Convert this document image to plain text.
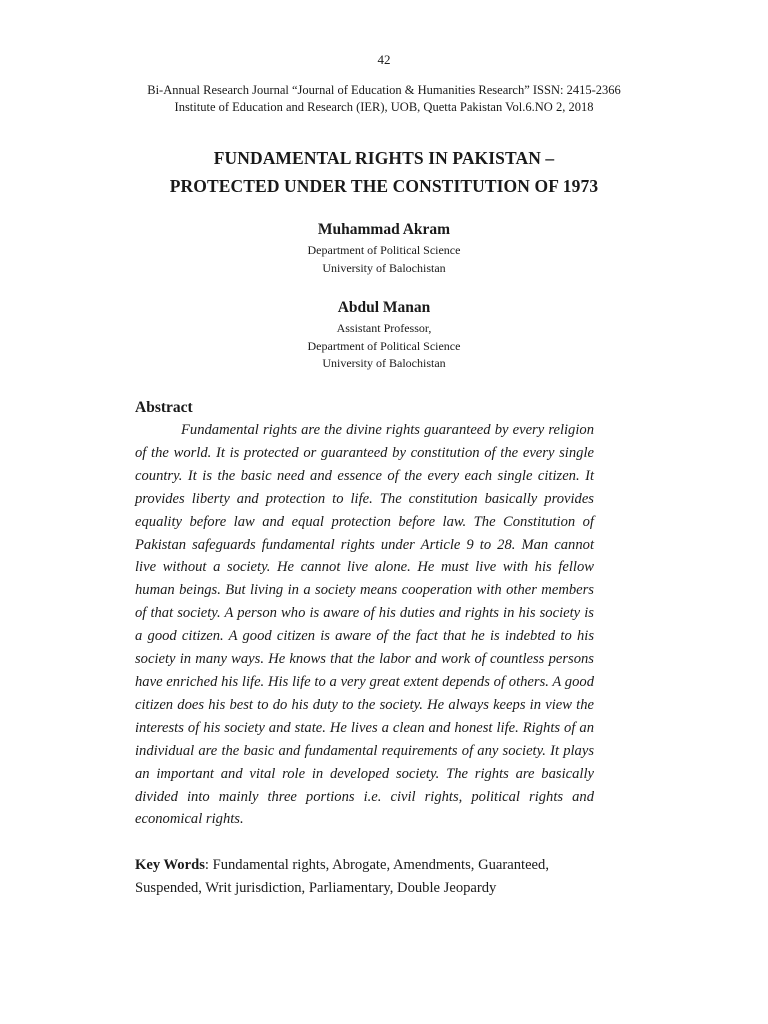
42
Bi-Annual Research Journal “Journal of Education & Humanities Research” ISSN: 2415-2366
Institute of Education and Research (IER), UOB, Quetta Pakistan Vol.6.NO 2, 2018
FUNDAMENTAL RIGHTS IN PAKISTAN –
PROTECTED UNDER THE CONSTITUTION OF 1973
Muhammad Akram
Department of Political Science
University of Balochistan
Abdul Manan
Assistant Professor,
Department of Political Science
University of Balochistan

Abstract

Fundamental rights are the divine rights guaranteed by every religion of the world. It is protected or guaranteed by constitution of the every single country. It is the basic need and essence of the every each single citizen. It provides liberty and protection to life. The constitution basically provides equality before law and equal protection before law. The Constitution of Pakistan safeguards fundamental rights under Article 9 to 28. Man cannot live without a society. He cannot live alone. He must live with his fellow human beings. But living in a society means cooperation with other members of that society. A person who is aware of his duties and rights in his society is a good citizen. A good citizen is aware of the fact that he is indebted to his society in many ways. He knows that the labor and work of countless persons have enriched his life. His life to a very great extent depends of others. A good citizen does his best to do his duty to the society. He always keeps in view the interests of his society and state. He lives a clean and honest life. Rights of an individual are the basic and fundamental requirements of any society. It plays an important and vital role in developed society. The rights are basically divided into mainly three portions i.e. civil rights, political rights and economical rights.

Key Words: Fundamental rights, Abrogate, Amendments, Guaranteed, Suspended, Writ jurisdiction, Parliamentary, Double Jeopardy
